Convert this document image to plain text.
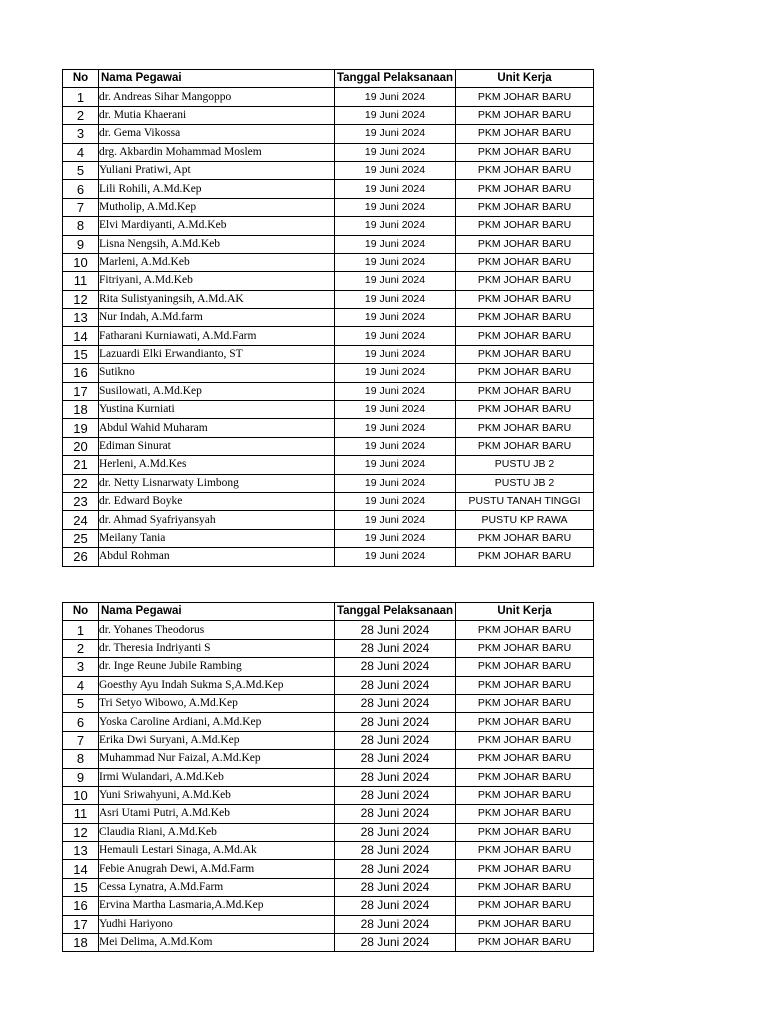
No	Nama Pegawai	Tanggal Pelaksanaan	Unit Kerja
1	dr. Andreas Sihar Mangoppo	19 Juni 2024	PKM JOHAR BARU
2	dr. Mutia Khaerani	19 Juni 2024	PKM JOHAR BARU
3	dr. Gema Vikossa	19 Juni 2024	PKM JOHAR BARU
4	drg. Akbardin Mohammad Moslem	19 Juni 2024	PKM JOHAR BARU
5	Yuliani Pratiwi, Apt	19 Juni 2024	PKM JOHAR BARU
6	Lili Rohili, A.Md.Kep	19 Juni 2024	PKM JOHAR BARU
7	Mutholip, A.Md.Kep	19 Juni 2024	PKM JOHAR BARU
8	Elvi Mardiyanti, A.Md.Keb	19 Juni 2024	PKM JOHAR BARU
9	Lisna Nengsih, A.Md.Keb	19 Juni 2024	PKM JOHAR BARU
10	Marleni, A.Md.Keb	19 Juni 2024	PKM JOHAR BARU
11	Fitriyani, A.Md.Keb	19 Juni 2024	PKM JOHAR BARU
12	Rita Sulistyaningsih, A.Md.AK	19 Juni 2024	PKM JOHAR BARU
13	Nur Indah, A.Md.farm	19 Juni 2024	PKM JOHAR BARU
14	Fatharani Kurniawati, A.Md.Farm	19 Juni 2024	PKM JOHAR BARU
15	Lazuardi Elki Erwandianto, ST	19 Juni 2024	PKM JOHAR BARU
16	Sutikno	19 Juni 2024	PKM JOHAR BARU
17	Susilowati, A.Md.Kep	19 Juni 2024	PKM JOHAR BARU
18	Yustina Kurniati	19 Juni 2024	PKM JOHAR BARU
19	Abdul Wahid Muharam	19 Juni 2024	PKM JOHAR BARU
20	Ediman Sinurat	19 Juni 2024	PKM JOHAR BARU
21	Herleni, A.Md.Kes	19 Juni 2024	PUSTU JB 2
22	dr. Netty Lisnarwaty Limbong	19 Juni 2024	PUSTU JB 2
23	dr. Edward Boyke	19 Juni 2024	PUSTU TANAH TINGGI
24	dr. Ahmad Syafriyansyah	19 Juni 2024	PUSTU KP RAWA
25	Meilany Tania	19 Juni 2024	PKM JOHAR BARU
26	Abdul Rohman	19 Juni 2024	PKM JOHAR BARU
No	Nama Pegawai	Tanggal Pelaksanaan	Unit Kerja
1	dr. Yohanes Theodorus	28 Juni 2024	PKM JOHAR BARU
2	dr. Theresia Indriyanti S	28 Juni 2024	PKM JOHAR BARU
3	dr. Inge Reune Jubile Rambing	28 Juni 2024	PKM JOHAR BARU
4	Goesthy Ayu Indah Sukma S,A.Md.Kep	28 Juni 2024	PKM JOHAR BARU
5	Tri Setyo Wibowo, A.Md.Kep	28 Juni 2024	PKM JOHAR BARU
6	Yoska Caroline Ardiani, A.Md.Kep	28 Juni 2024	PKM JOHAR BARU
7	Erika Dwi Suryani, A.Md.Kep	28 Juni 2024	PKM JOHAR BARU
8	Muhammad Nur Faizal, A.Md.Kep	28 Juni 2024	PKM JOHAR BARU
9	Irmi Wulandari, A.Md.Keb	28 Juni 2024	PKM JOHAR BARU
10	Yuni Sriwahyuni, A.Md.Keb	28 Juni 2024	PKM JOHAR BARU
11	Asri Utami Putri, A.Md.Keb	28 Juni 2024	PKM JOHAR BARU
12	Claudia Riani, A.Md.Keb	28 Juni 2024	PKM JOHAR BARU
13	Hemauli Lestari Sinaga, A.Md.Ak	28 Juni 2024	PKM JOHAR BARU
14	Febie Anugrah Dewi, A.Md.Farm	28 Juni 2024	PKM JOHAR BARU
15	Cessa Lynatra, A.Md.Farm	28 Juni 2024	PKM JOHAR BARU
16	Ervina Martha Lasmaria,A.Md.Kep	28 Juni 2024	PKM JOHAR BARU
17	Yudhi Hariyono	28 Juni 2024	PKM JOHAR BARU
18	Mei Delima, A.Md.Kom	28 Juni 2024	PKM JOHAR BARU
